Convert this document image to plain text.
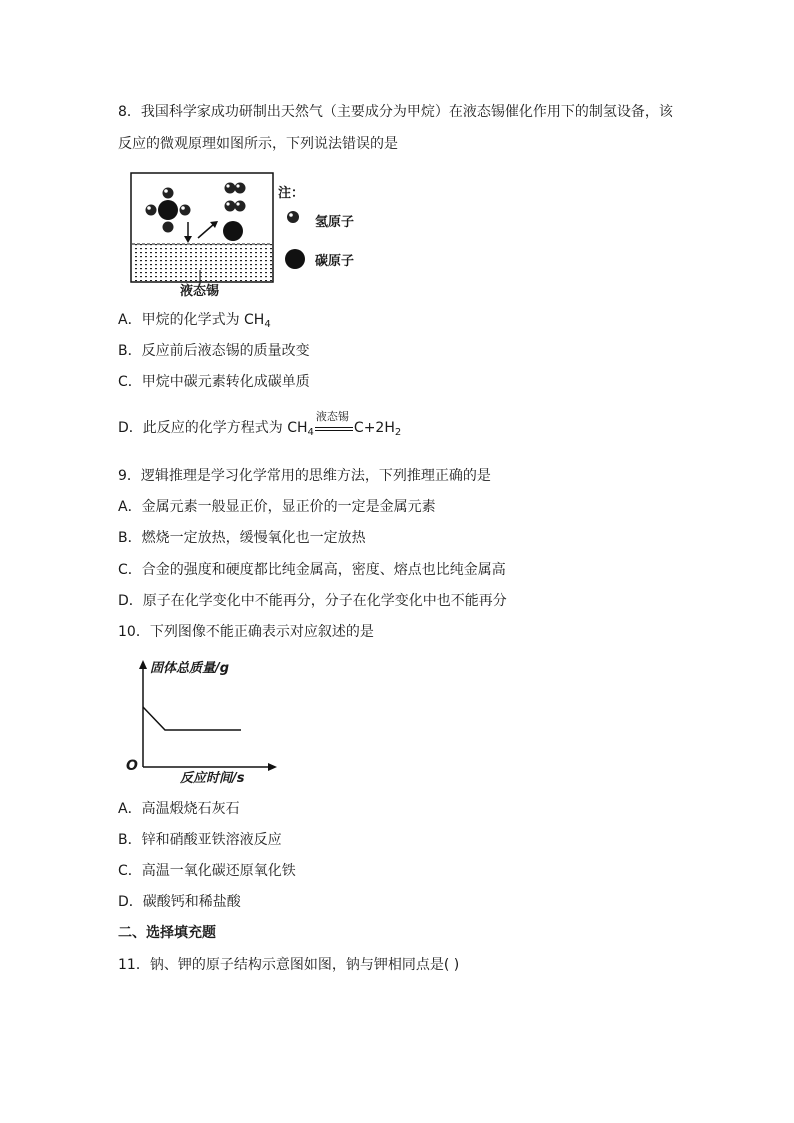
8．我国科学家成功研制出天然气（主要成分为甲烷）在液态锡催化作用下的制氢设备，该
反应的微观原理如图所示，下列说法错误的是
注：
氢原子
碳原子
液态锡
A．甲烷的化学式为 $CH_4$
B．反应前后液态锡的质量改变
C．甲烷中碳元素转化成碳单质
D．此反应的化学方程式为 $CH_4$
液态锡
$C+2H_2$
9．逻辑推理是学习化学常用的思维方法，下列推理正确的是
A．金属元素一般显正价，显正价的一定是金属元素
B．燃烧一定放热，缓慢氧化也一定放热
C．合金的强度和硬度都比纯金属高，密度、熔点也比纯金属高
D．原子在化学变化中不能再分，分子在化学变化中也不能再分
10．下列图像不能正确表示对应叙述的是
固体总质量/g
反应时间/s
O
A．高温煅烧石灰石
B．锌和硝酸亚铁溶液反应
C．高温一氧化碳还原氧化铁
D．碳酸钙和稀盐酸
二、选择填充题
11．钠、钾的原子结构示意图如图，钠与钾相同点是( )
